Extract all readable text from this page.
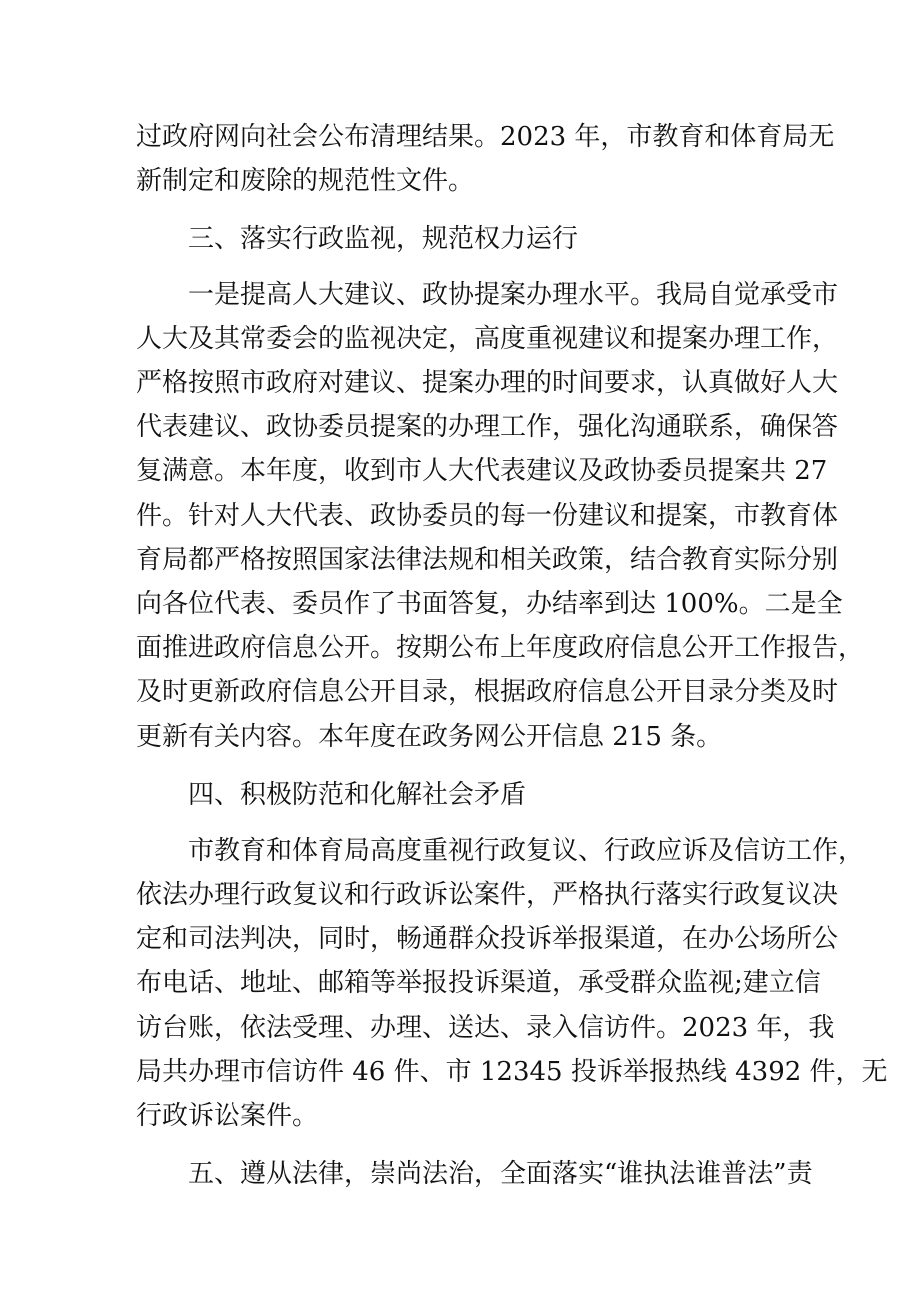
过政府网向社会公布清理结果。2023 年，市教育和体育局无
新制定和废除的规范性文件。
三、落实行政监视，规范权力运行
一是提高人大建议、政协提案办理水平。我局自觉承受市
人大及其常委会的监视决定，高度重视建议和提案办理工作，
严格按照市政府对建议、提案办理的时间要求，认真做好人大
代表建议、政协委员提案的办理工作，强化沟通联系，确保答
复满意。本年度，收到市人大代表建议及政协委员提案共 27
件。针对人大代表、政协委员的每一份建议和提案，市教育体
育局都严格按照国家法律法规和相关政策，结合教育实际分别
向各位代表、委员作了书面答复，办结率到达 100%。二是全
面推进政府信息公开。按期公布上年度政府信息公开工作报告，
及时更新政府信息公开目录，根据政府信息公开目录分类及时
更新有关内容。本年度在政务网公开信息 215 条。
四、积极防范和化解社会矛盾
市教育和体育局高度重视行政复议、行政应诉及信访工作，
依法办理行政复议和行政诉讼案件，严格执行落实行政复议决
定和司法判决，同时，畅通群众投诉举报渠道，在办公场所公
布电话、地址、邮箱等举报投诉渠道，承受群众监视;建立信
访台账，依法受理、办理、送达、录入信访件。2023 年，我
局共办理市信访件 46 件、市 12345 投诉举报热线 4392 件，无
行政诉讼案件。
五、遵从法律，崇尚法治，全面落实“谁执法谁普法”责
